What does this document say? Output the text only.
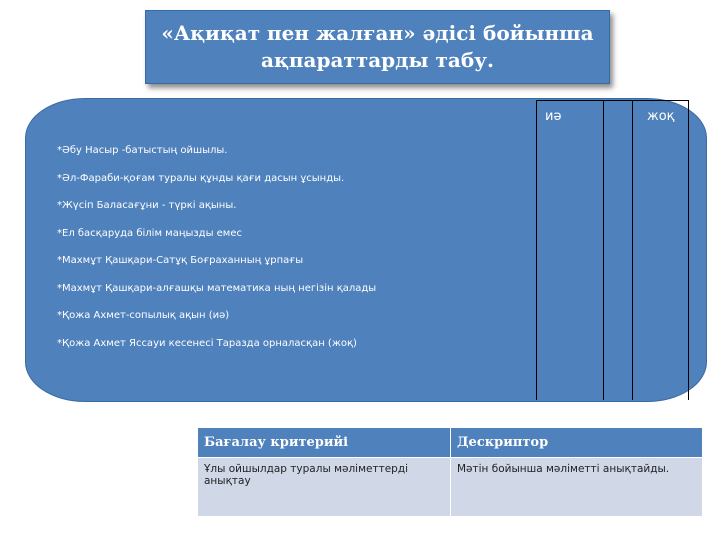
«Ақиқат пен жалған» әдісі бойынша ақпараттарды табу.
*Әбу Насыр -батыстың ойшылы.
*Әл-Фараби-қоғам туралы құнды қағи дасын ұсынды.
*Жүсіп Баласағұни - түркі ақыны.
*Ел басқаруда білім маңызды емес
*Махмұт Қашқари-Сатұқ Боғраханның ұрпағы
*Махмұт Қашқари-алғашқы математика ның негізін қалады
*Қожа Ахмет-сопылық ақын (иә)
*Қожа Ахмет Яссауи кесенесі Таразда орналасқан (жоқ)
иә	жоқ
Бағалау критерийі	Дескриптор
Ұлы ойшылдар туралы мәліметтерді анықтау	Мәтін бойынша мәліметті анықтайды.
